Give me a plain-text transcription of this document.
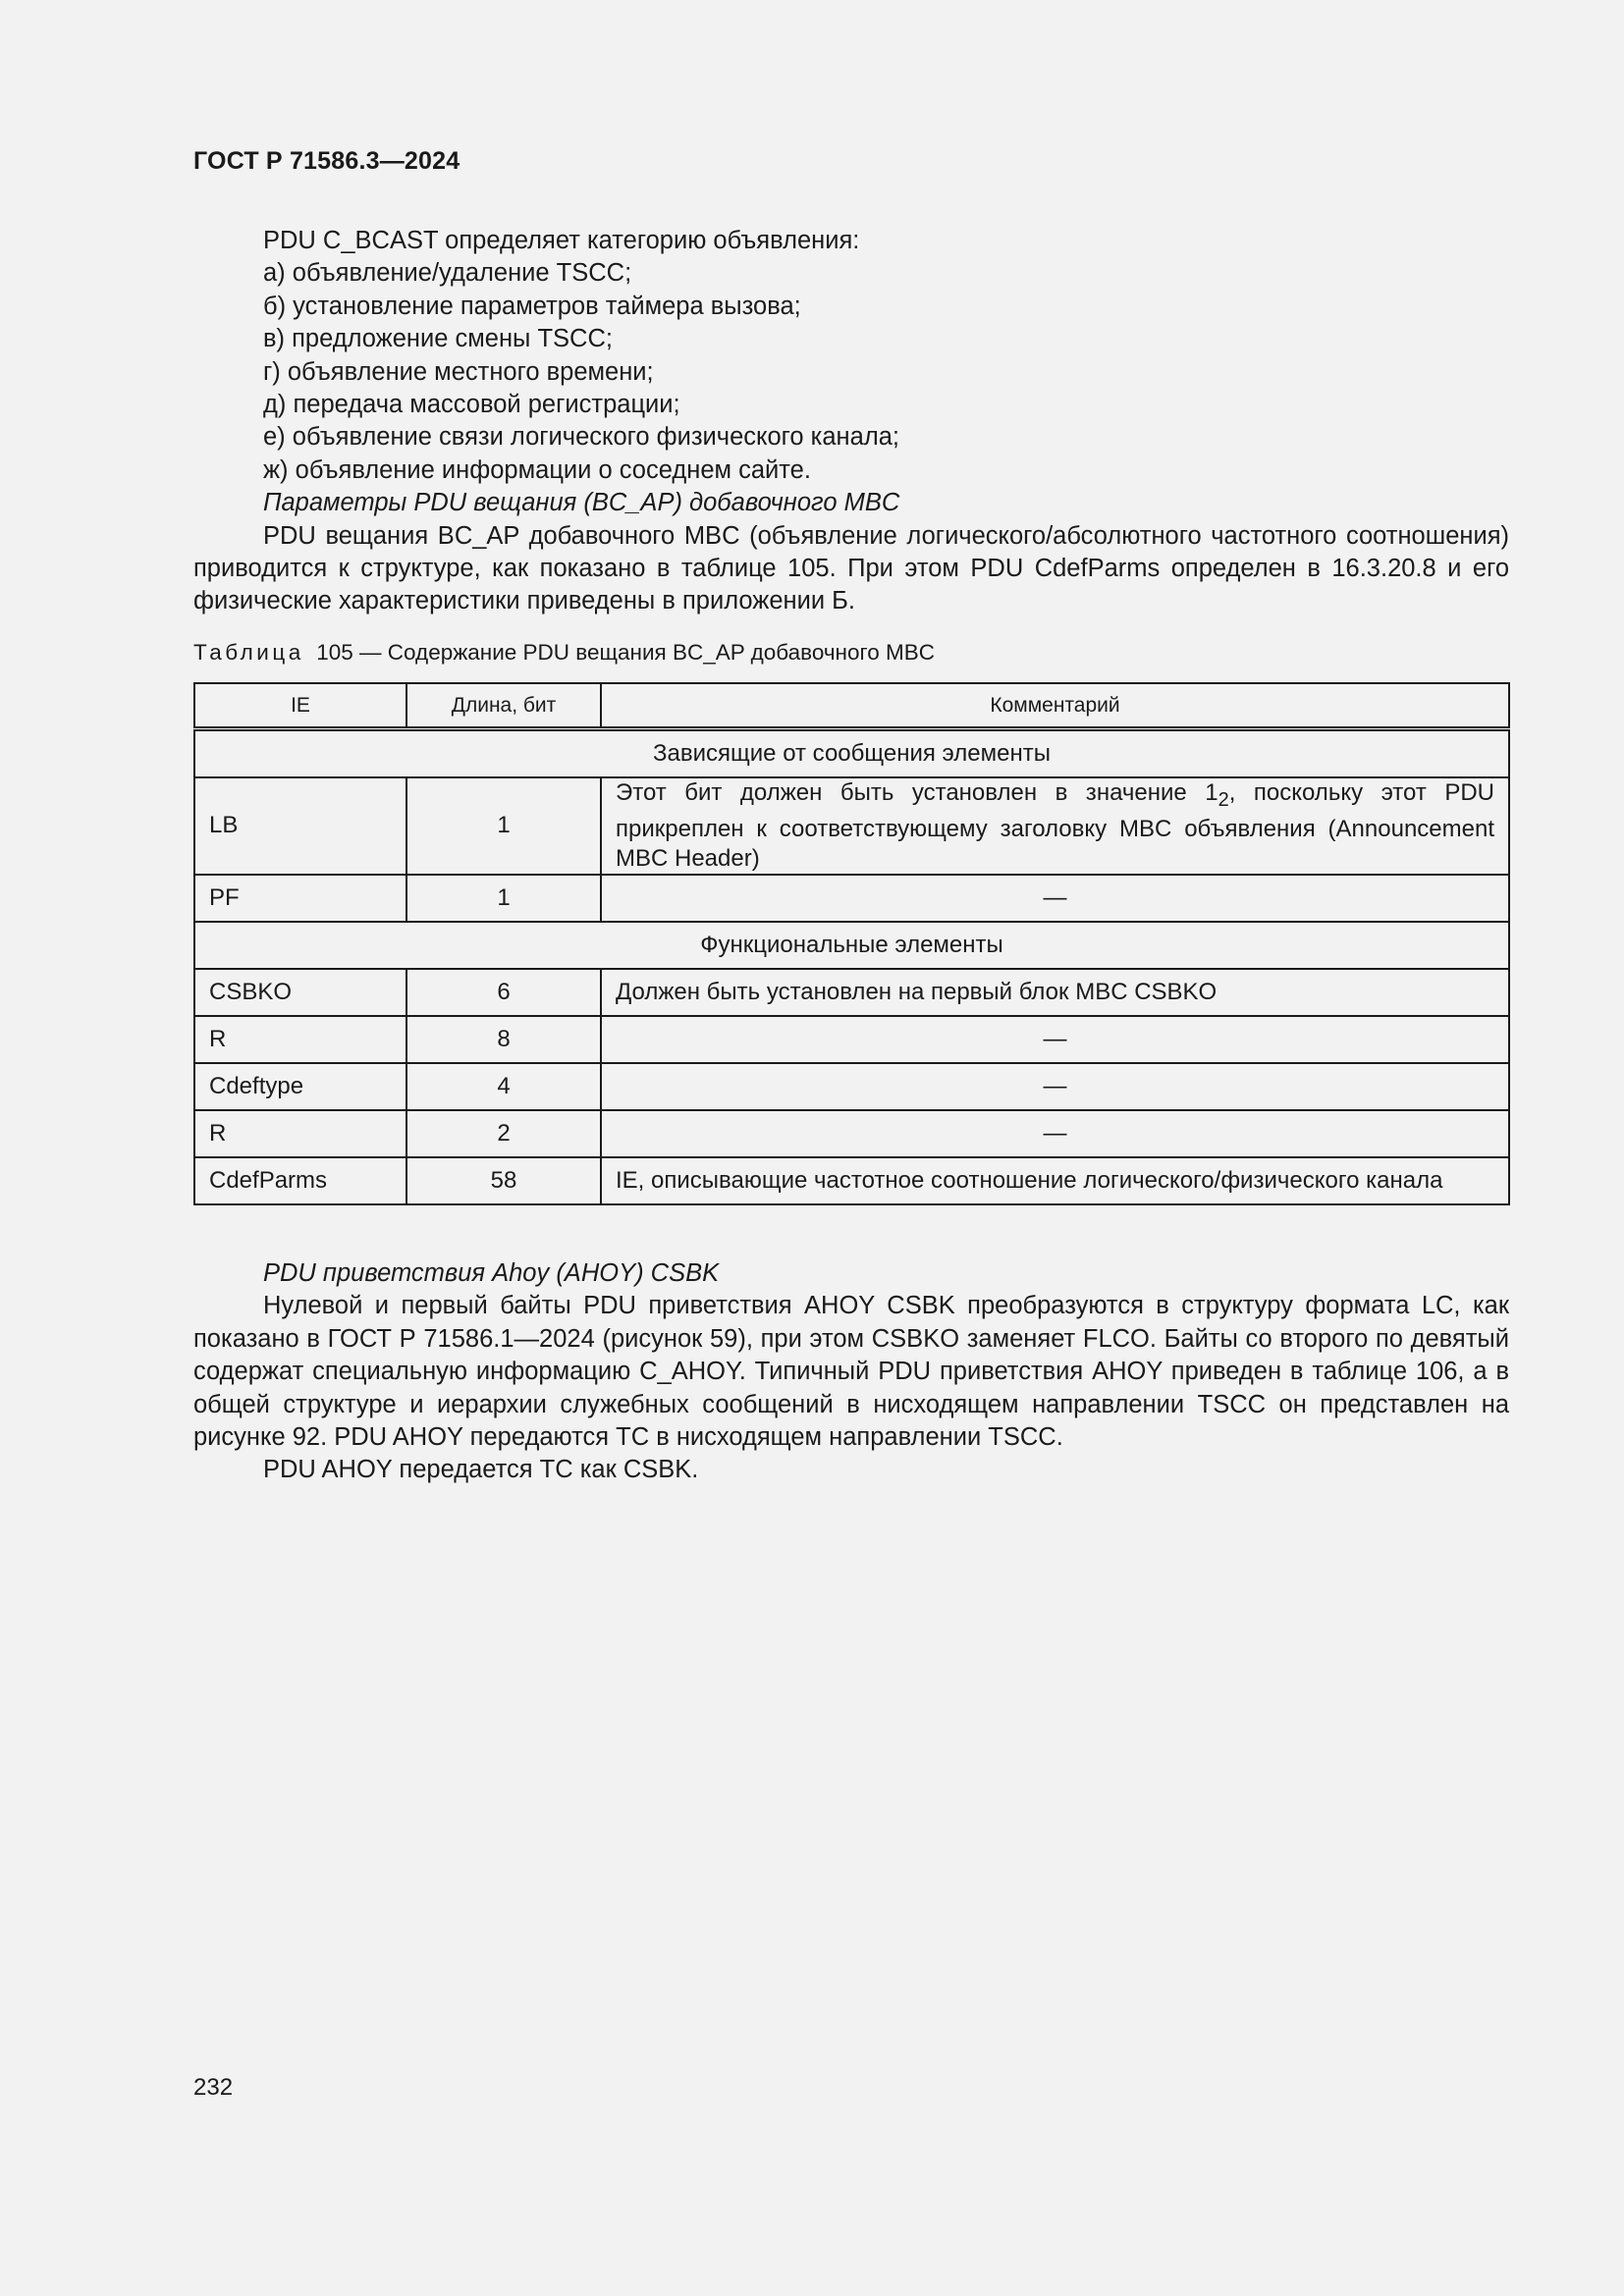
ГОСТ Р 71586.3—2024

PDU C_BCAST определяет категорию объявления:

а) объявление/удаление TSCC;

б) установление параметров таймера вызова;

в) предложение смены TSCC;

г) объявление местного времени;

д) передача массовой регистрации;

е) объявление связи логического физического канала;

ж) объявление информации о соседнем сайте.

Параметры PDU вещания (BC_AP) добавочного MBC

PDU вещания BC_AP добавочного MBC (объявление логического/абсолютного частотного соотношения) приводится к структуре, как показано в таблице 105. При этом PDU CdefParms определен в 16.3.20.8 и его физические характеристики приведены в приложении Б.

Таблица 105 — Содержание PDU вещания BC_AP добавочного MBC
IE	Длина, бит	Комментарий
Зависящие от сообщения элементы		
LB	1	Этот бит должен быть установлен в значение $1_2$, поскольку этот PDU прикреплен к соответствующему заголовку MBC объявления (Announcement MBC Header)
PF	1	—
Функциональные элементы		
CSBKO	6	Должен быть установлен на первый блок MBC CSBKO
R	8	—
Cdeftype	4	—
R	2	—
CdefParms	58	IE, описывающие частотное соотношение логического/физического канала

PDU приветствия Ahoy (AHOY) CSBK

Нулевой и первый байты PDU приветствия AHOY CSBK преобразуются в структуру формата LC, как показано в ГОСТ Р 71586.1—2024 (рисунок 59), при этом CSBKO заменяет FLCO. Байты со второго по девятый содержат специальную информацию C_AHOY. Типичный PDU приветствия AHOY приведен в таблице 106, а в общей структуре и иерархии служебных сообщений в нисходящем направлении TSCC он представлен на рисунке 92. PDU AHOY передаются TC в нисходящем направлении TSCC.

PDU AHOY передается TC как CSBK.

232
